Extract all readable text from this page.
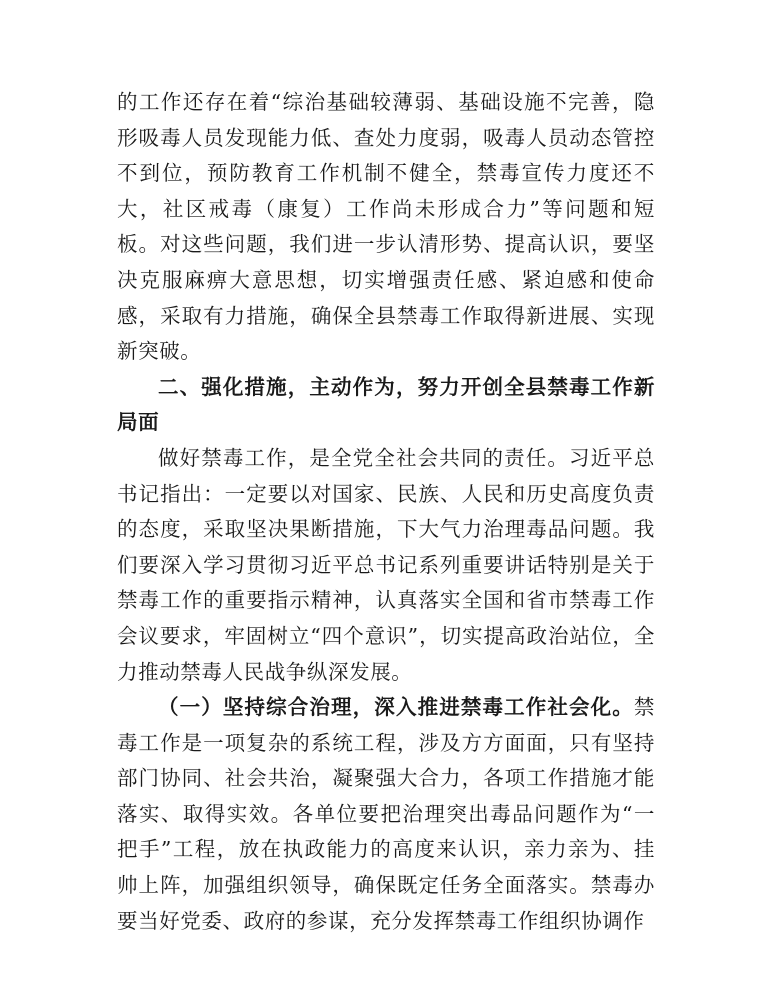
的工作还存在着“综治基础较薄弱、基础设施不完善，隐形吸毒人员发现能力低、查处力度弱，吸毒人员动态管控不到位，预防教育工作机制不健全，禁毒宣传力度还不大，社区戒毒（康复）工作尚未形成合力”等问题和短板。对这些问题，我们进一步认清形势、提高认识，要坚决克服麻痹大意思想，切实增强责任感、紧迫感和使命感，采取有力措施，确保全县禁毒工作取得新进展、实现新突破。

二、强化措施，主动作为，努力开创全县禁毒工作新局面

做好禁毒工作，是全党全社会共同的责任。习近平总书记指出：一定要以对国家、民族、人民和历史高度负责的态度，采取坚决果断措施，下大气力治理毒品问题。我们要深入学习贯彻习近平总书记系列重要讲话特别是关于禁毒工作的重要指示精神，认真落实全国和省市禁毒工作会议要求，牢固树立“四个意识”，切实提高政治站位，全力推动禁毒人民战争纵深发展。

（一）坚持综合治理，深入推进禁毒工作社会化。禁毒工作是一项复杂的系统工程，涉及方方面面，只有坚持部门协同、社会共治，凝聚强大合力，各项工作措施才能落实、取得实效。各单位要把治理突出毒品问题作为“一把手”工程，放在执政能力的高度来认识，亲力亲为、挂帅上阵，加强组织领导，确保既定任务全面落实。禁毒办要当好党委、政府的参谋，充分发挥禁毒工作组织协调作
